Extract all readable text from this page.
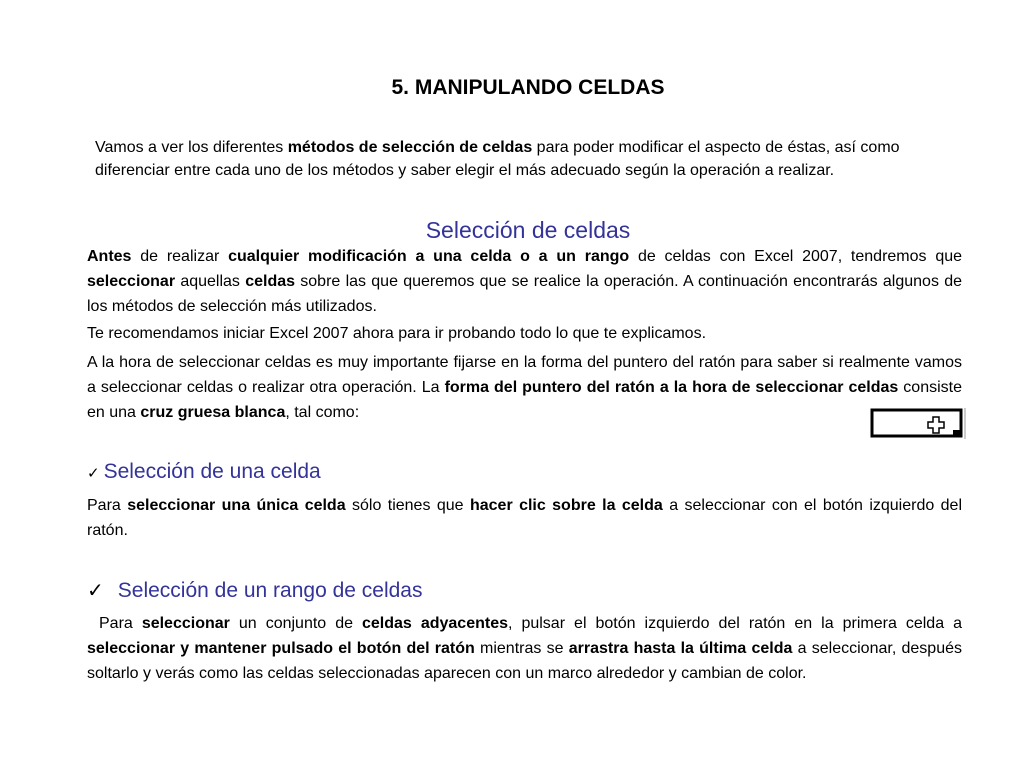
5. MANIPULANDO CELDAS

Vamos a ver los diferentes métodos de selección de celdas para poder modificar el aspecto de éstas, así como diferenciar entre cada uno de los métodos y saber elegir el más adecuado según la operación a realizar.

Selección de celdas

Antes de realizar cualquier modificación a una celda o a un rango de celdas con Excel 2007, tendremos que seleccionar aquellas celdas sobre las que queremos que se realice la operación. A continuación encontrarás algunos de los métodos de selección más utilizados.

Te recomendamos iniciar Excel 2007 ahora para ir probando todo lo que te explicamos.

A la hora de seleccionar celdas es muy importante fijarse en la forma del puntero del ratón para saber si realmente vamos a seleccionar celdas o realizar otra operación. La forma del puntero del ratón a la hora de seleccionar celdas consiste en una cruz gruesa blanca, tal como:

✓ Selección de una celda

Para seleccionar una única celda sólo tienes que hacer clic sobre la celda a seleccionar con el botón izquierdo del ratón.

✓ Selección de un rango de celdas

Para seleccionar un conjunto de celdas adyacentes, pulsar el botón izquierdo del ratón en la primera celda a seleccionar y mantener pulsado el botón del ratón mientras se arrastra hasta la última celda a seleccionar, después soltarlo y verás como las celdas seleccionadas aparecen con un marco alrededor y cambian de color.
